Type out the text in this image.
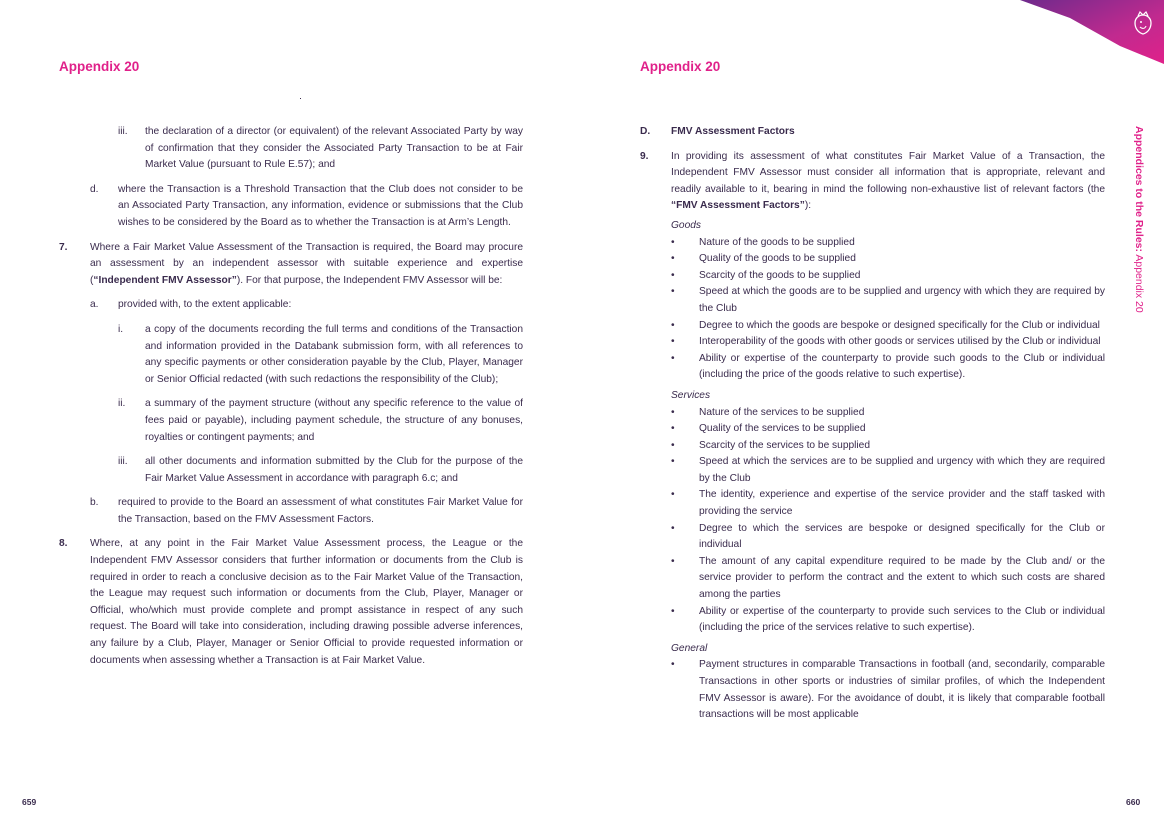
Appendix 20
iii. the declaration of a director (or equivalent) of the relevant Associated Party by way of confirmation that they consider the Associated Party Transaction to be at Fair Market Value (pursuant to Rule E.57); and
d. where the Transaction is a Threshold Transaction that the Club does not consider to be an Associated Party Transaction, any information, evidence or submissions that the Club wishes to be considered by the Board as to whether the Transaction is at Arm’s Length.
7. Where a Fair Market Value Assessment of the Transaction is required, the Board may procure an assessment by an independent assessor with suitable experience and expertise (“Independent FMV Assessor”). For that purpose, the Independent FMV Assessor will be:
a. provided with, to the extent applicable:
i. a copy of the documents recording the full terms and conditions of the Transaction and information provided in the Databank submission form, with all references to any specific payments or other consideration payable by the Club, Player, Manager or Senior Official redacted (with such redactions the responsibility of the Club);
ii. a summary of the payment structure (without any specific reference to the value of fees paid or payable), including payment schedule, the structure of any bonuses, royalties or contingent payments; and
iii. all other documents and information submitted by the Club for the purpose of the Fair Market Value Assessment in accordance with paragraph 6.c; and
b. required to provide to the Board an assessment of what constitutes Fair Market Value for the Transaction, based on the FMV Assessment Factors.
8. Where, at any point in the Fair Market Value Assessment process, the League or the Independent FMV Assessor considers that further information or documents from the Club is required in order to reach a conclusive decision as to the Fair Market Value of the Transaction, the League may request such information or documents from the Club, Player, Manager or Official, who/which must provide complete and prompt assistance in respect of any such request. The Board will take into consideration, including drawing possible adverse inferences, any failure by a Club, Player, Manager or Senior Official to provide requested information or documents when assessing whether a Transaction is at Fair Market Value.
659
Appendix 20
D. FMV Assessment Factors
9. In providing its assessment of what constitutes Fair Market Value of a Transaction, the Independent FMV Assessor must consider all information that is appropriate, relevant and readily available to it, bearing in mind the following non-exhaustive list of relevant factors (the “FMV Assessment Factors”):
Goods
• Nature of the goods to be supplied
• Quality of the goods to be supplied
• Scarcity of the goods to be supplied
• Speed at which the goods are to be supplied and urgency with which they are required by the Club
• Degree to which the goods are bespoke or designed specifically for the Club or individual
• Interoperability of the goods with other goods or services utilised by the Club or individual
• Ability or expertise of the counterparty to provide such goods to the Club or individual (including the price of the goods relative to such expertise).
Services
• Nature of the services to be supplied
• Quality of the services to be supplied
• Scarcity of the services to be supplied
• Speed at which the services are to be supplied and urgency with which they are required by the Club
• The identity, experience and expertise of the service provider and the staff tasked with providing the service
• Degree to which the services are bespoke or designed specifically for the Club or individual
• The amount of any capital expenditure required to be made by the Club and/ or the service provider to perform the contract and the extent to which such costs are shared among the parties
• Ability or expertise of the counterparty to provide such services to the Club or individual (including the price of the services relative to such expertise).
General
• Payment structures in comparable Transactions in football (and, secondarily, comparable Transactions in other sports or industries of similar profiles, of which the Independent FMV Assessor is aware). For the avoidance of doubt, it is likely that comparable football transactions will be most applicable
660
Appendices to the Rules: Appendix 20
